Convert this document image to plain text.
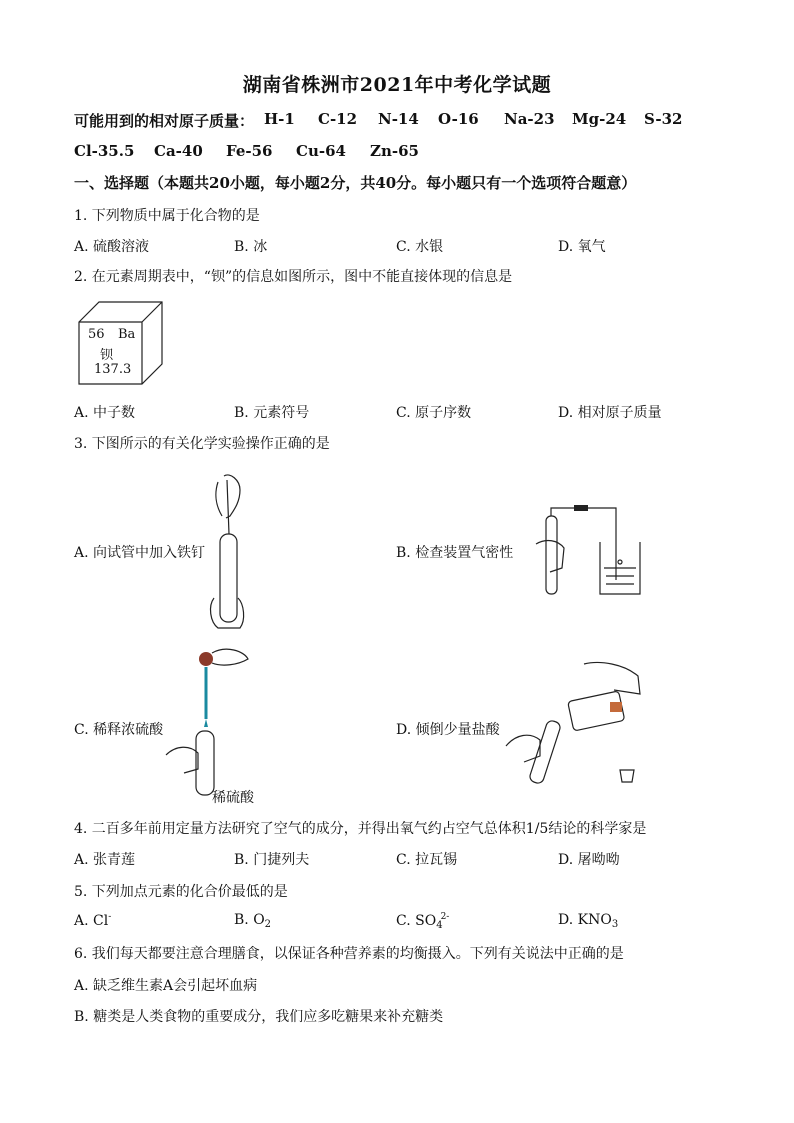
湖南省株洲市2021年中考化学试题
可能用到的相对原子质量： H-1 C-12 N-14 O-16 Na-23 Mg-24 S-32
Cl-35.5 Ca-40 Fe-56 Cu-64 Zn-65
一、选择题（本题共20小题，每小题2分，共40分。每小题只有一个选项符合题意）
1. 下列物质中属于化合物的是
A. 硫酸溶液	B. 冰	C. 水银	D. 氧气
2. 在元素周期表中，“钡”的信息如图所示，图中不能直接体现的信息是
56 Ba
钡
137.3
A. 中子数	B. 元素符号	C. 原子序数	D. 相对原子质量
3. 下图所示的有关化学实验操作正确的是
A. 向试管中加入铁钉	B. 检查装置气密性
C. 稀释浓硫酸
稀硫酸
D. 倾倒少量盐酸
4. 二百多年前用定量方法研究了空气的成分，并得出氧气约占空气总体积1/5结论的科学家是
A. 张青莲	B. 门捷列夫	C. 拉瓦锡	D. 屠呦呦
5. 下列加点元素的化合价最低的是
A. Cl-	B. $O_2$	C. $SO_4^{2-}$	D. $KNO_3$
6. 我们每天都要注意合理膳食，以保证各种营养素的均衡摄入。下列有关说法中正确的是
A. 缺乏维生素A会引起坏血病
B. 糖类是人类食物的重要成分，我们应多吃糖果来补充糖类
